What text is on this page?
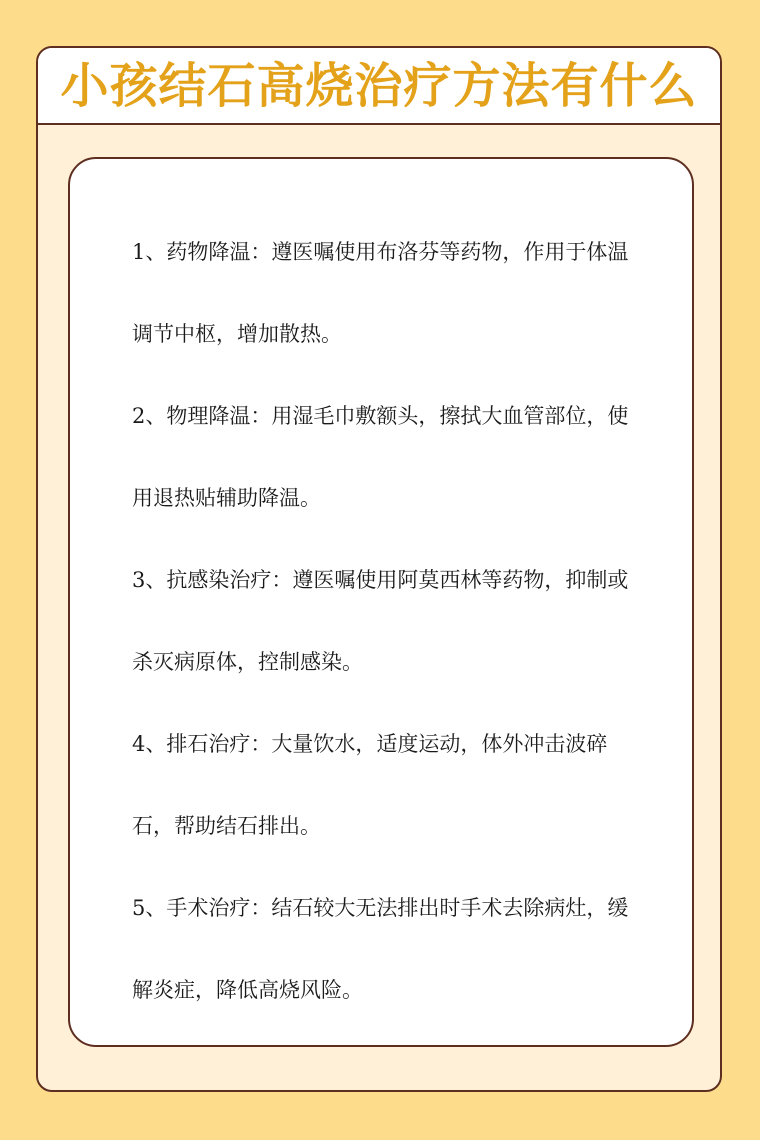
小孩结石高烧治疗方法有什么

1、药物降温：遵医嘱使用布洛芬等药物，作用于体温调节中枢，增加散热。

2、物理降温：用湿毛巾敷额头，擦拭大血管部位，使用退热贴辅助降温。

3、抗感染治疗：遵医嘱使用阿莫西林等药物，抑制或杀灭病原体，控制感染。

4、排石治疗：大量饮水，适度运动，体外冲击波碎石，帮助结石排出。

5、手术治疗：结石较大无法排出时手术去除病灶，缓解炎症，降低高烧风险。
